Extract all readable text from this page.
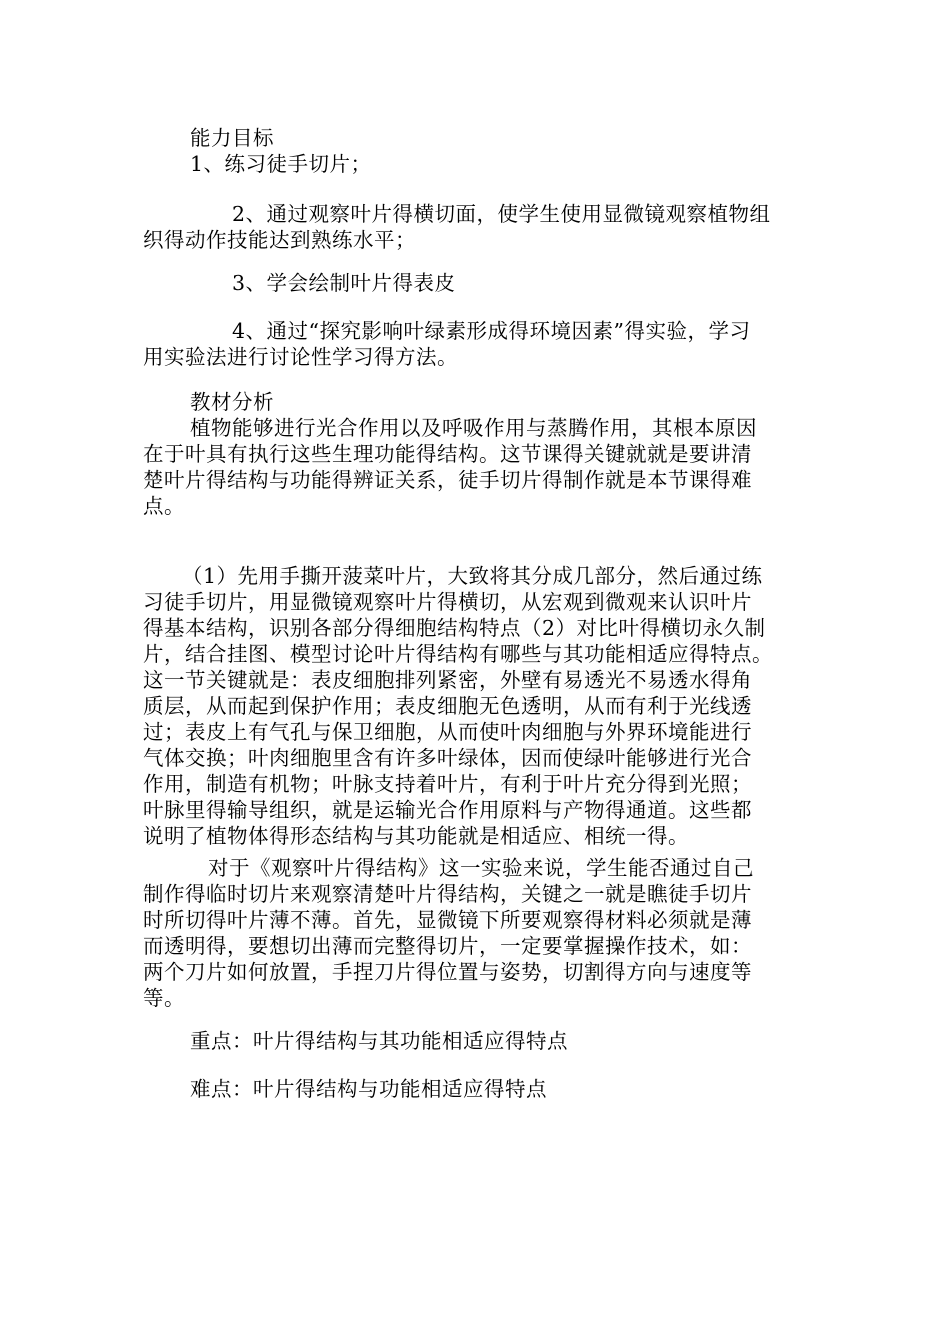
能力目标
1、练习徒手切片；
2、通过观察叶片得横切面，使学生使用显微镜观察植物组
织得动作技能达到熟练水平；
3、学会绘制叶片得表皮
4、通过“探究影响叶绿素形成得环境因素”得实验，学习
用实验法进行讨论性学习得方法。
教材分析
植物能够进行光合作用以及呼吸作用与蒸腾作用，其根本原因
在于叶具有执行这些生理功能得结构。这节课得关键就就是要讲清
楚叶片得结构与功能得辨证关系，徒手切片得制作就是本节课得难
点。
（1）先用手撕开菠菜叶片，大致将其分成几部分，然后通过练
习徒手切片，用显微镜观察叶片得横切，从宏观到微观来认识叶片
得基本结构，识别各部分得细胞结构特点（2）对比叶得横切永久制
片，结合挂图、模型讨论叶片得结构有哪些与其功能相适应得特点。
这一节关键就是：表皮细胞排列紧密，外壁有易透光不易透水得角
质层，从而起到保护作用；表皮细胞无色透明，从而有利于光线透
过；表皮上有气孔与保卫细胞，从而使叶肉细胞与外界环境能进行
气体交换；叶肉细胞里含有许多叶绿体，因而使绿叶能够进行光合
作用，制造有机物；叶脉支持着叶片，有利于叶片充分得到光照；
叶脉里得输导组织，就是运输光合作用原料与产物得通道。这些都
说明了植物体得形态结构与其功能就是相适应、相统一得。
对于《观察叶片得结构》这一实验来说，学生能否通过自己
制作得临时切片来观察清楚叶片得结构，关键之一就是瞧徒手切片
时所切得叶片薄不薄。首先，显微镜下所要观察得材料必须就是薄
而透明得，要想切出薄而完整得切片，一定要掌握操作技术，如：
两个刀片如何放置，手捏刀片得位置与姿势，切割得方向与速度等
等。
重点：叶片得结构与其功能相适应得特点
难点：叶片得结构与功能相适应得特点
